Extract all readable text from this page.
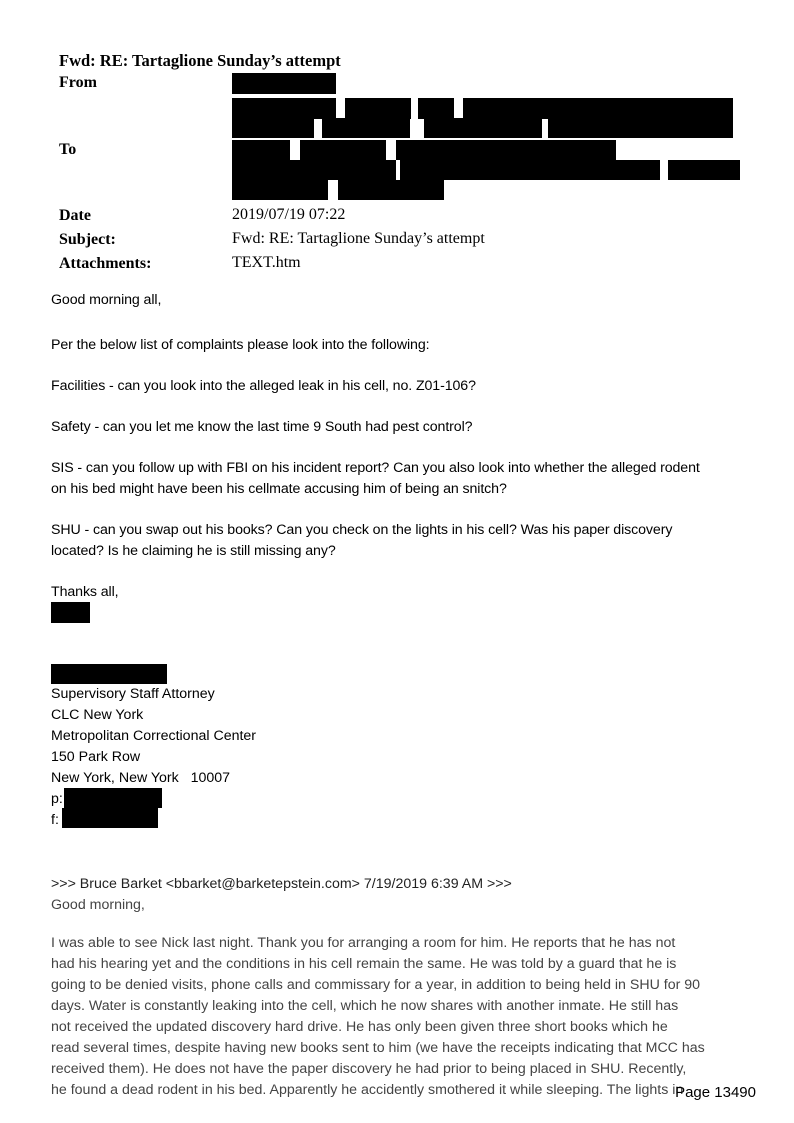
Fwd: RE: Tartaglione Sunday’s attempt
From
To
Date	2019/07/19 07:22
Subject:	Fwd: RE: Tartaglione Sunday’s attempt
Attachments:	TEXT.htm
Good morning all,
Per the below list of complaints please look into the following:
Facilities - can you look into the alleged leak in his cell, no. Z01-106?
Safety - can you let me know the last time 9 South had pest control?
SIS - can you follow up with FBI on his incident report? Can you also look into whether the alleged rodent
on his bed might have been his cellmate accusing him of being an snitch?
SHU - can you swap out his books? Can you check on the lights in his cell? Was his paper discovery
located? Is he claiming he is still missing any?
Thanks all,
Supervisory Staff Attorney
CLC New York
Metropolitan Correctional Center
150 Park Row
New York, New York   10007
p:
f:
>>> Bruce Barket <bbarket@barketepstein.com> 7/19/2019 6:39 AM >>>
Good morning,
I was able to see Nick last night. Thank you for arranging a room for him. He reports that he has not
had his hearing yet and the conditions in his cell remain the same. He was told by a guard that he is
going to be denied visits, phone calls and commissary for a year, in addition to being held in SHU for 90
days. Water is constantly leaking into the cell, which he now shares with another inmate. He still has
not received the updated discovery hard drive. He has only been given three short books which he
read several times, despite having new books sent to him (we have the receipts indicating that MCC has
received them). He does not have the paper discovery he had prior to being placed in SHU. Recently,
he found a dead rodent in his bed. Apparently he accidently smothered it while sleeping. The lights in
Page 13490
